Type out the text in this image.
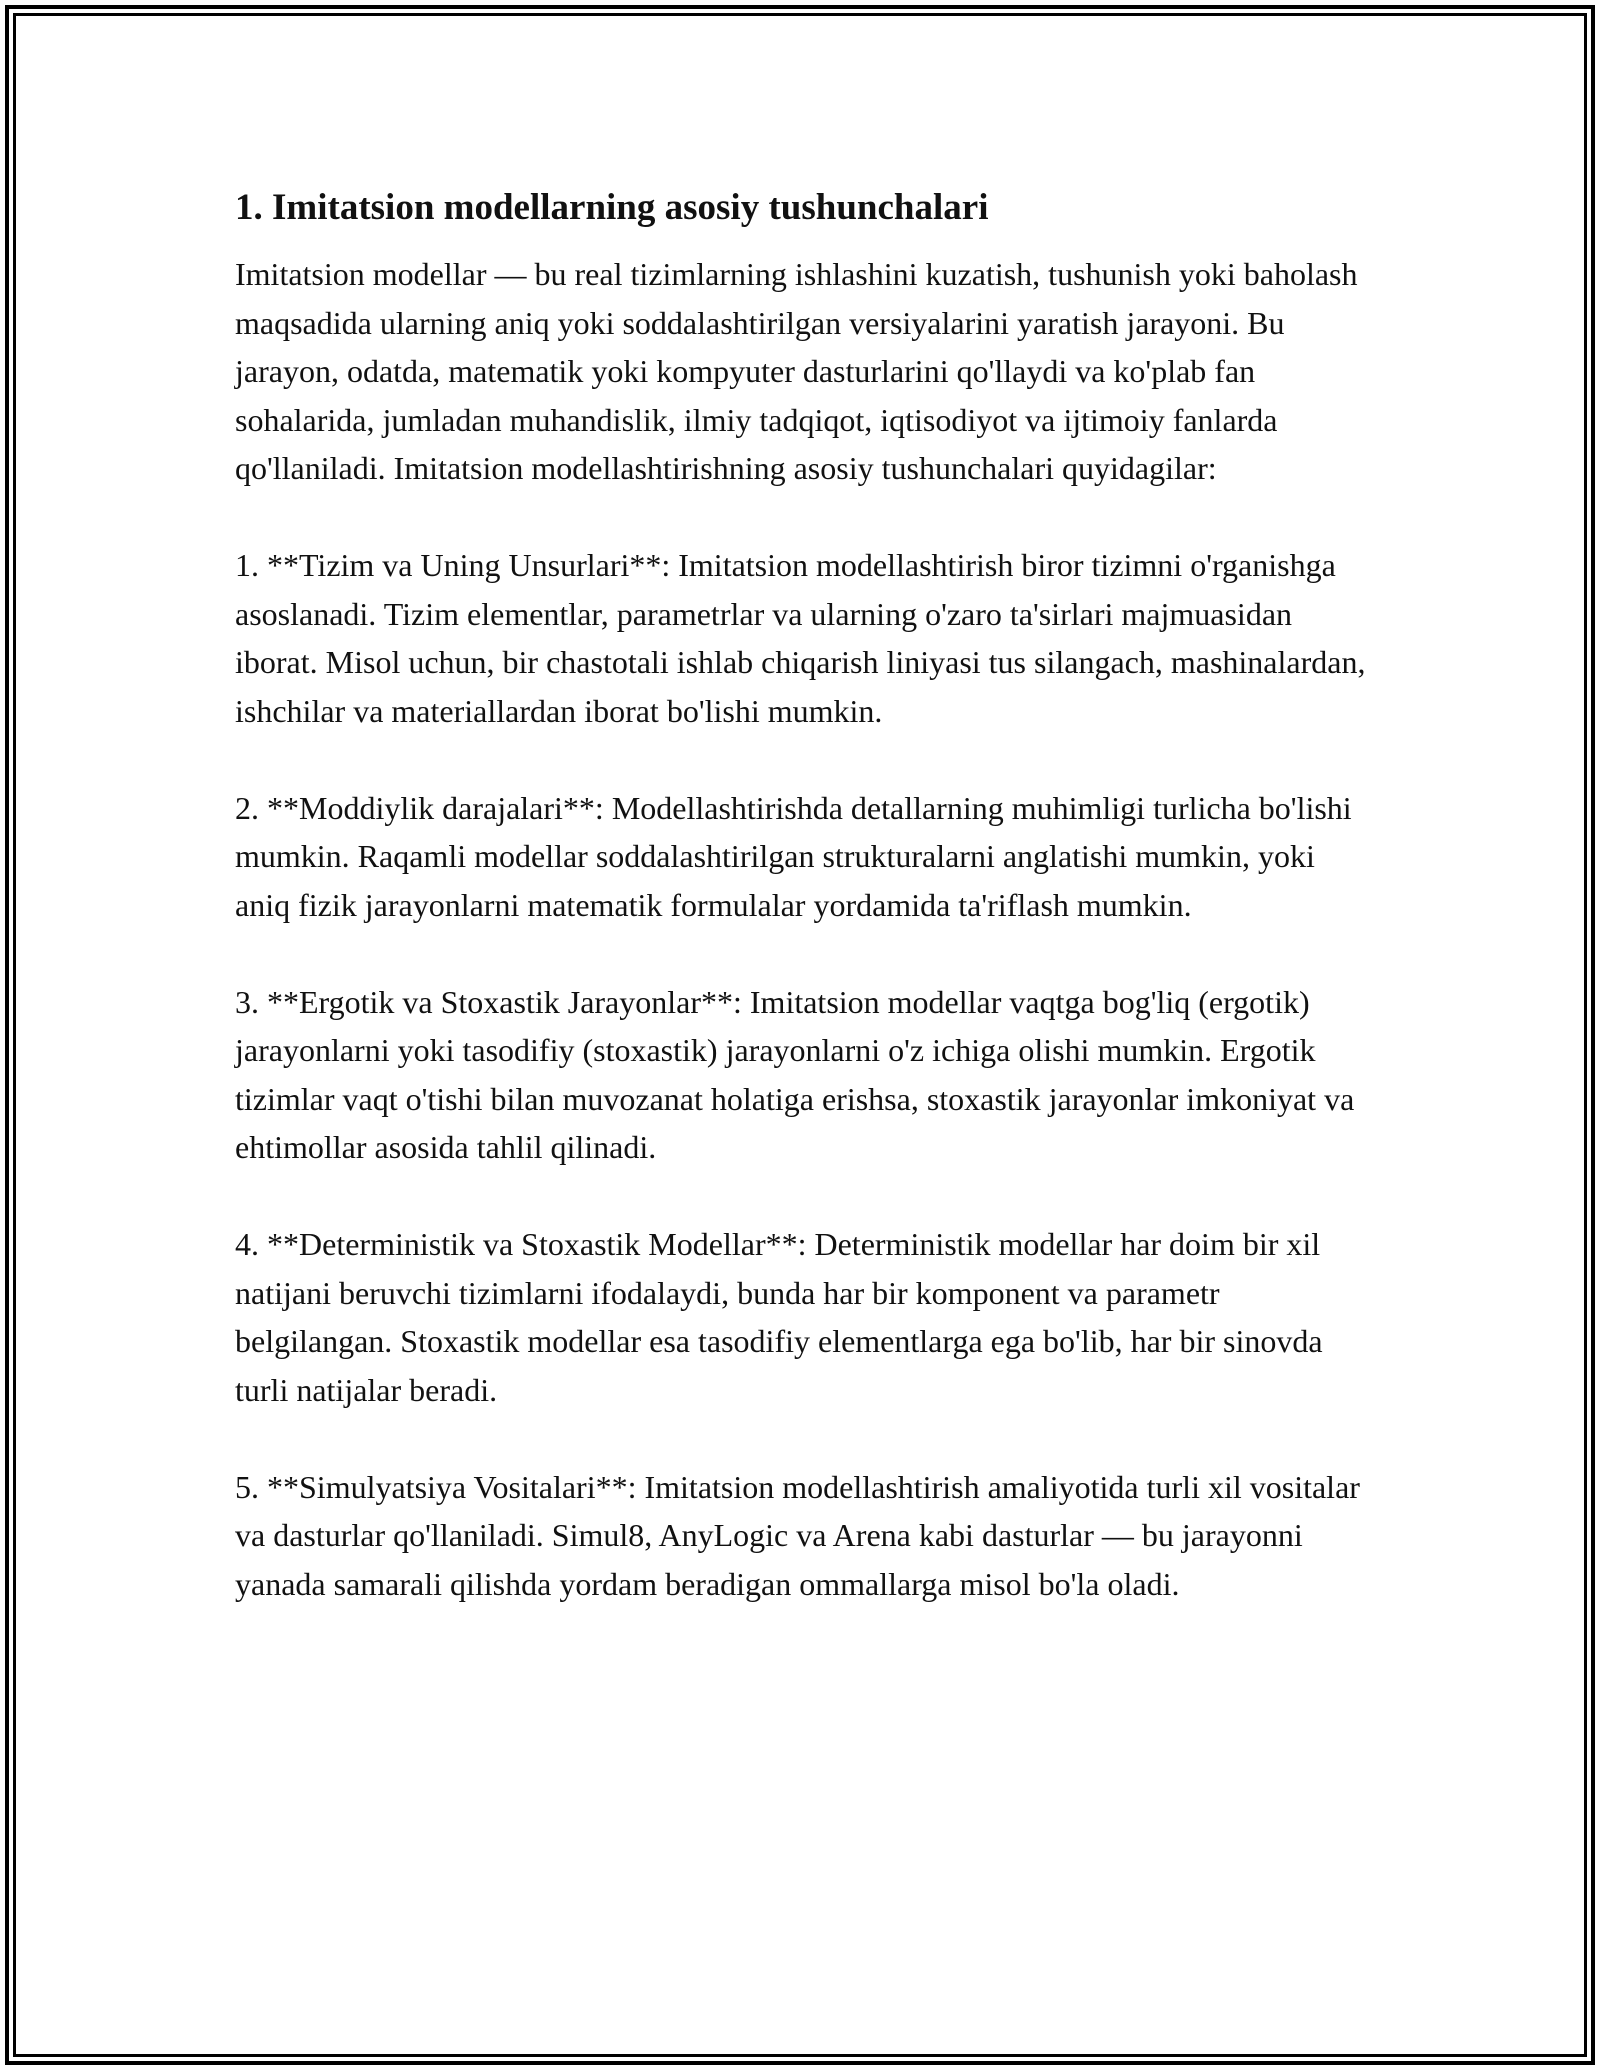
1. Imitatsion modellarning asosiy tushunchalari

Imitatsion modellar — bu real tizimlarning ishlashini kuzatish, tushunish yoki baholash maqsadida ularning aniq yoki soddalashtirilgan versiyalarini yaratish jarayoni. Bu jarayon, odatda, matematik yoki kompyuter dasturlarini qo'llaydi va ko'plab fan sohalarida, jumladan muhandislik, ilmiy tadqiqot, iqtisodiyot va ijtimoiy fanlarda qo'llaniladi. Imitatsion modellashtirishning asosiy tushunchalari quyidagilar:

1. **Tizim va Uning Unsurlari**: Imitatsion modellashtirish biror tizimni o'rganishga asoslanadi. Tizim elementlar, parametrlar va ularning o'zaro ta'sirlari majmuasidan iborat. Misol uchun, bir chastotali ishlab chiqarish liniyasi tus silangach, mashinalardan, ishchilar va materiallardan iborat bo'lishi mumkin.

2. **Moddiylik darajalari**: Modellashtirishda detallarning muhimligi turlicha bo'lishi mumkin. Raqamli modellar soddalashtirilgan strukturalarni anglatishi mumkin, yoki aniq fizik jarayonlarni matematik formulalar yordamida ta'riflash mumkin.

3. **Ergotik va Stoxastik Jarayonlar**: Imitatsion modellar vaqtga bog'liq (ergotik) jarayonlarni yoki tasodifiy (stoxastik) jarayonlarni o'z ichiga olishi mumkin. Ergotik tizimlar vaqt o'tishi bilan muvozanat holatiga erishsa, stoxastik jarayonlar imkoniyat va ehtimollar asosida tahlil qilinadi.

4. **Deterministik va Stoxastik Modellar**: Deterministik modellar har doim bir xil natijani beruvchi tizimlarni ifodalaydi, bunda har bir komponent va parametr belgilangan. Stoxastik modellar esa tasodifiy elementlarga ega bo'lib, har bir sinovda turli natijalar beradi.

5. **Simulyatsiya Vositalari**: Imitatsion modellashtirish amaliyotida turli xil vositalar va dasturlar qo'llaniladi. Simul8, AnyLogic va Arena kabi dasturlar — bu jarayonni yanada samarali qilishda yordam beradigan ommallarga misol bo'la oladi.
